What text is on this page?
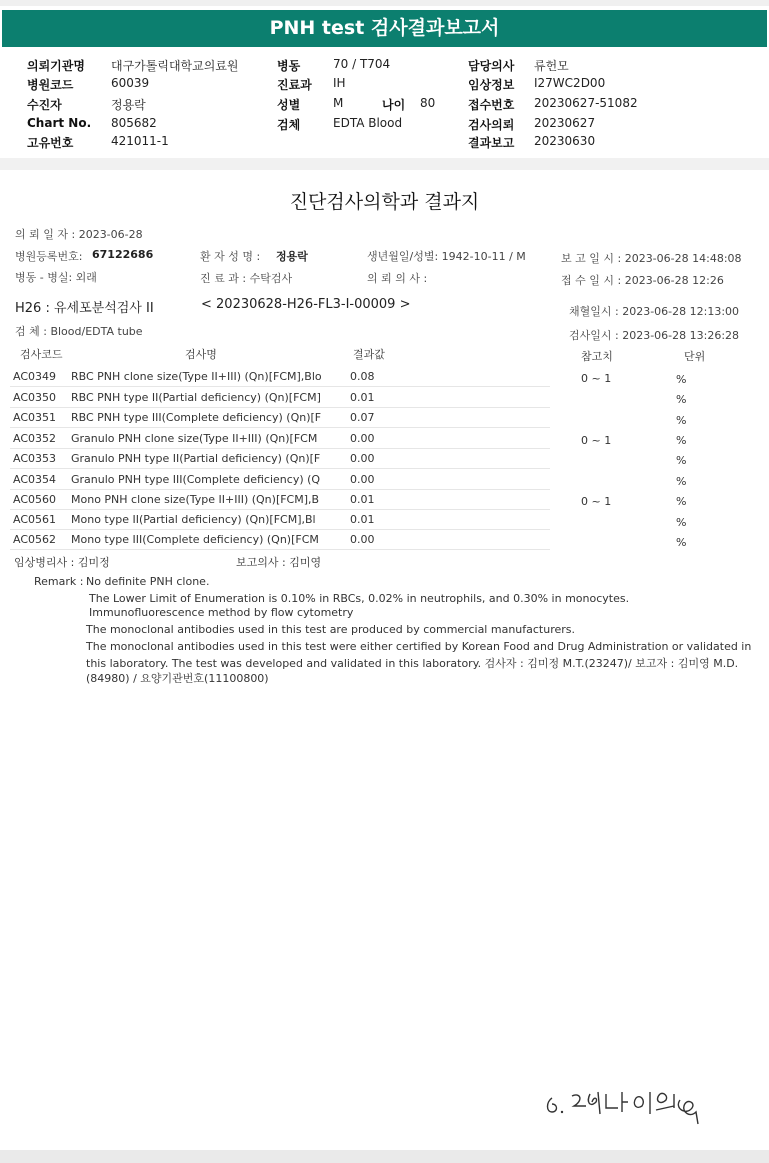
PNH test 검사결과보고서
의뢰기관명 대구가톨릭대학교의료원
병원코드	60039
수진자	정용락
Chart No. 805682
고유번호	421011-1
병동	70 / T704
진료과 IH
성별	M	나이 80
검체	EDTA Blood
담당의사 류헌모
임상정보 I27WC2D00
접수번호 20230627-51082
검사의뢰 20230627
결과보고 20230630
진단검사의학과 결과지
의 뢰 일 자 : 2023-06-28
병원등록번호: 67122686	환 자 성 명 : 정용락	생년월일/성별: 1942-10-11 / M	보 고 일 시 : 2023-06-28 14:48:08
병동 - 병실: 외래	진 료 과 : 수탁검사	의 뢰 의 사 :	접 수 일 시 : 2023-06-28 12:26
H26 : 유세포분석검사 II	< 20230628-H26-FL3-I-00009 >	채혈일시 : 2023-06-28 12:13:00
검 체 : Blood/EDTA tube	검사일시 : 2023-06-28 13:26:28
검사코드	검사명	결과값	참고치	단위
AC0349 RBC PNH clone size(Type II+III) (Qn)[FCM],Blo	0.08	0 ~ 1	%
AC0350 RBC PNH type II(Partial deficiency) (Qn)[FCM]	0.01	%
AC0351 RBC PNH type III(Complete deficiency) (Qn)[F	0.07	%
AC0352 Granulo PNH clone size(Type II+III) (Qn)[FCM	0.00	0 ~ 1	%
AC0353 Granulo PNH type II(Partial deficiency) (Qn)[F	0.00	%
AC0354 Granulo PNH type III(Complete deficiency) (Q	0.00	%
AC0560 Mono PNH clone size(Type II+III) (Qn)[FCM],B	0.01	0 ~ 1	%
AC0561 Mono type II(Partial deficiency) (Qn)[FCM],Bl	0.01	%
AC0562 Mono type III(Complete deficiency) (Qn)[FCM	0.00	%
임상병리사 : 김미정	보고의사 : 김미영
Remark : No definite PNH clone.
The Lower Limit of Enumeration is 0.10% in RBCs, 0.02% in neutrophils, and 0.30% in monocytes.
Immunofluorescence method by flow cytometry
The monoclonal antibodies used in this test are produced by commercial manufacturers.
The monoclonal antibodies used in this test were either certified by Korean Food and Drug Administration or validated in
this laboratory. The test was developed and validated in this laboratory. 검사자 : 김미정 M.T.(23247)/ 보고자 : 김미영 M.D.
(84980) / 요양기관번호(11100800)
